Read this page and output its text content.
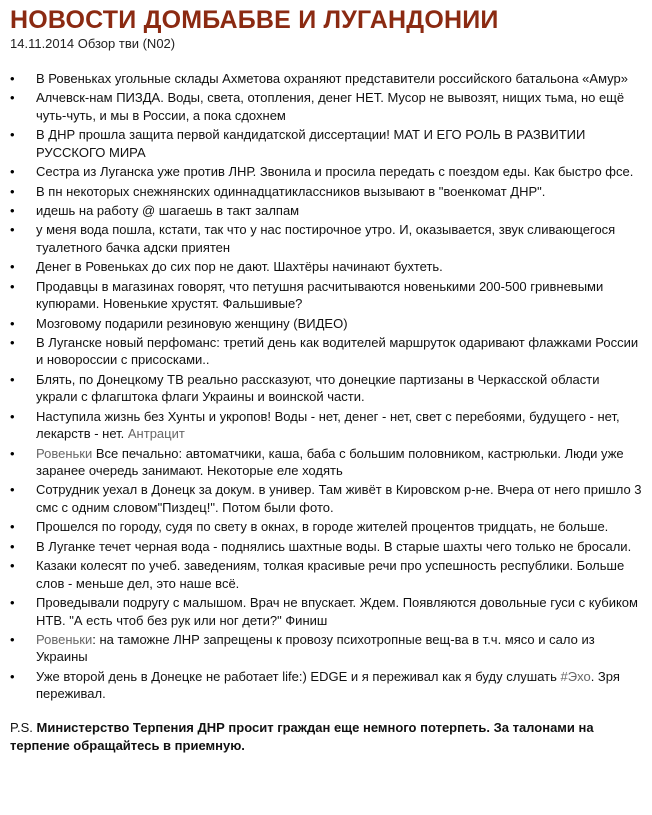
НОВОСТИ ДОМБАБВЕ И ЛУГАНДОНИИ
14.11.2014 Обзор тви (N02)
• В Ровеньках угольные склады Ахметова охраняют представители российского батальона «Амур»
• Алчевск-нам ПИЗДА. Воды, света, отопления, денег НЕТ. Мусор не вывозят, нищих тьма, но ещё чуть-чуть, и мы в России, а пока сдохнем
• В ДНР прошла защита первой кандидатской диссертации! МАТ И ЕГО РОЛЬ В РАЗВИТИИ РУССКОГО МИРА
• Сестра из Луганска уже против ЛНР. Звонила и просила передать с поездом еды. Как быстро фсе.
• В пн некоторых снежнянских одиннадцатиклассников вызывают в "военкомат ДНР".
• идешь на работу @ шагаешь в такт залпам
• у меня вода пошла, кстати, так что у нас постирочное утро. И, оказывается, звук сливающегося туалетного бачка адски приятен
• Денег в Ровеньках до сих пор не дают. Шахтёры начинают бухтеть.
• Продавцы в магазинах говорят, что петушня расчитываются новенькими 200-500 гривневыми купюрами. Новенькие хрустят. Фальшивые?
• Мозговому подарили резиновую женщину (ВИДЕО)
• В Луганске новый перфоманс: третий день как водителей маршруток одаривают флажками России и новороссии с присосками..
• Блять, по Донецкому ТВ реально рассказуют, что донецкие партизаны в Черкасской области украли с флагштока флаги Украины и воинской части.
• Наступила жизнь без Хунты и укропов! Воды - нет, денег - нет, свет с перебоями, будущего - нет, лекарств - нет. Антрацит
• Ровеньки Все печально: автоматчики, каша, баба с большим половником, кастрюльки. Люди уже заранее очередь занимают. Некоторые еле ходять
• Сотрудник уехал в Донецк за докум. в универ. Там живёт в Кировском р-не. Вчера от него пришло 3 смс с одним словом"Пиздец!". Потом были фото.
• Прошелся по городу, судя по свету в окнах, в городе жителей процентов тридцать, не больше.
• В Луганке течет черная вода - поднялись шахтные воды. В старые шахты чего только не бросали.
• Казаки колесят по учеб. заведениям, толкая красивые речи про успешность республики. Больше слов - меньше дел, это наше всё.
• Проведывали подругу с малышом. Врач не впускает. Ждем. Появляются довольные гуси с кубиком НТВ. "А есть чтоб без рук или ног дети?" Финиш
• Ровеньки: на таможне ЛНР запрещены к провозу психотропные вещ-ва в т.ч. мясо и сало из Украины
• Уже второй день в Донецке не работает life:) EDGE и я переживал как я буду слушать #Эхо. Зря переживал.
P.S. Министерство Терпения ДНР просит граждан еще немного потерпеть. За талонами на терпение обращайтесь в приемную.
